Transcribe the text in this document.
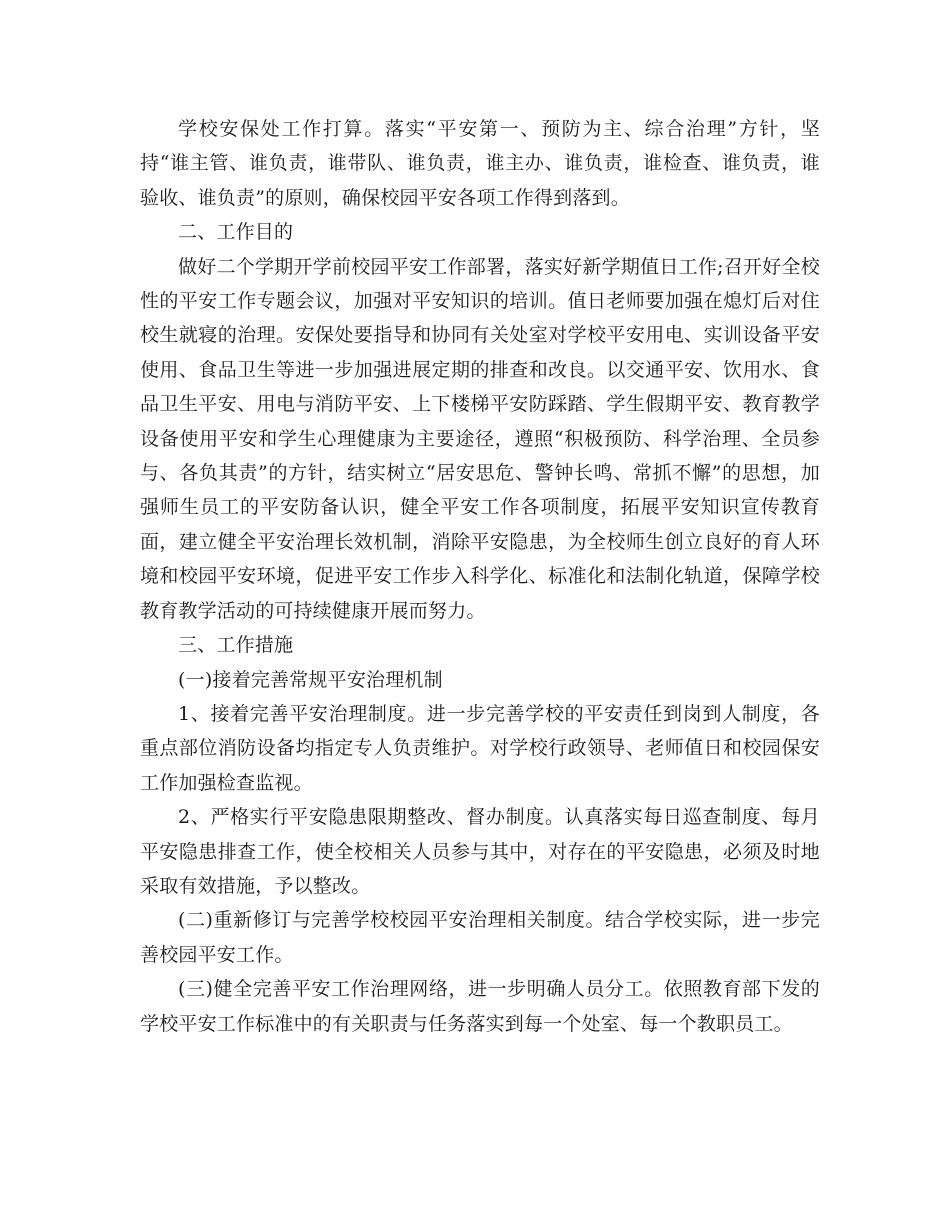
学校安保处工作打算。落实“平安第一、预防为主、综合治理”方针，坚持“谁主管、谁负责，谁带队、谁负责，谁主办、谁负责，谁检查、谁负责，谁验收、谁负责”的原则，确保校园平安各项工作得到落到。

二、工作目的

做好二个学期开学前校园平安工作部署，落实好新学期值日工作;召开好全校性的平安工作专题会议，加强对平安知识的培训。值日老师要加强在熄灯后对住校生就寝的治理。安保处要指导和协同有关处室对学校平安用电、实训设备平安使用、食品卫生等进一步加强进展定期的排查和改良。以交通平安、饮用水、食品卫生平安、用电与消防平安、上下楼梯平安防踩踏、学生假期平安、教育教学设备使用平安和学生心理健康为主要途径，遵照“积极预防、科学治理、全员参与、各负其责”的方针，结实树立“居安思危、警钟长鸣、常抓不懈”的思想，加强师生员工的平安防备认识，健全平安工作各项制度，拓展平安知识宣传教育面，建立健全平安治理长效机制，消除平安隐患，为全校师生创立良好的育人环境和校园平安环境，促进平安工作步入科学化、标准化和法制化轨道，保障学校教育教学活动的可持续健康开展而努力。

三、工作措施

(一)接着完善常规平安治理机制

1、接着完善平安治理制度。进一步完善学校的平安责任到岗到人制度，各重点部位消防设备均指定专人负责维护。对学校行政领导、老师值日和校园保安工作加强检查监视。

2、严格实行平安隐患限期整改、督办制度。认真落实每日巡查制度、每月平安隐患排查工作，使全校相关人员参与其中，对存在的平安隐患，必须及时地采取有效措施，予以整改。

(二)重新修订与完善学校校园平安治理相关制度。结合学校实际，进一步完善校园平安工作。

(三)健全完善平安工作治理网络，进一步明确人员分工。依照教育部下发的学校平安工作标准中的有关职责与任务落实到每一个处室、每一个教职员工。
